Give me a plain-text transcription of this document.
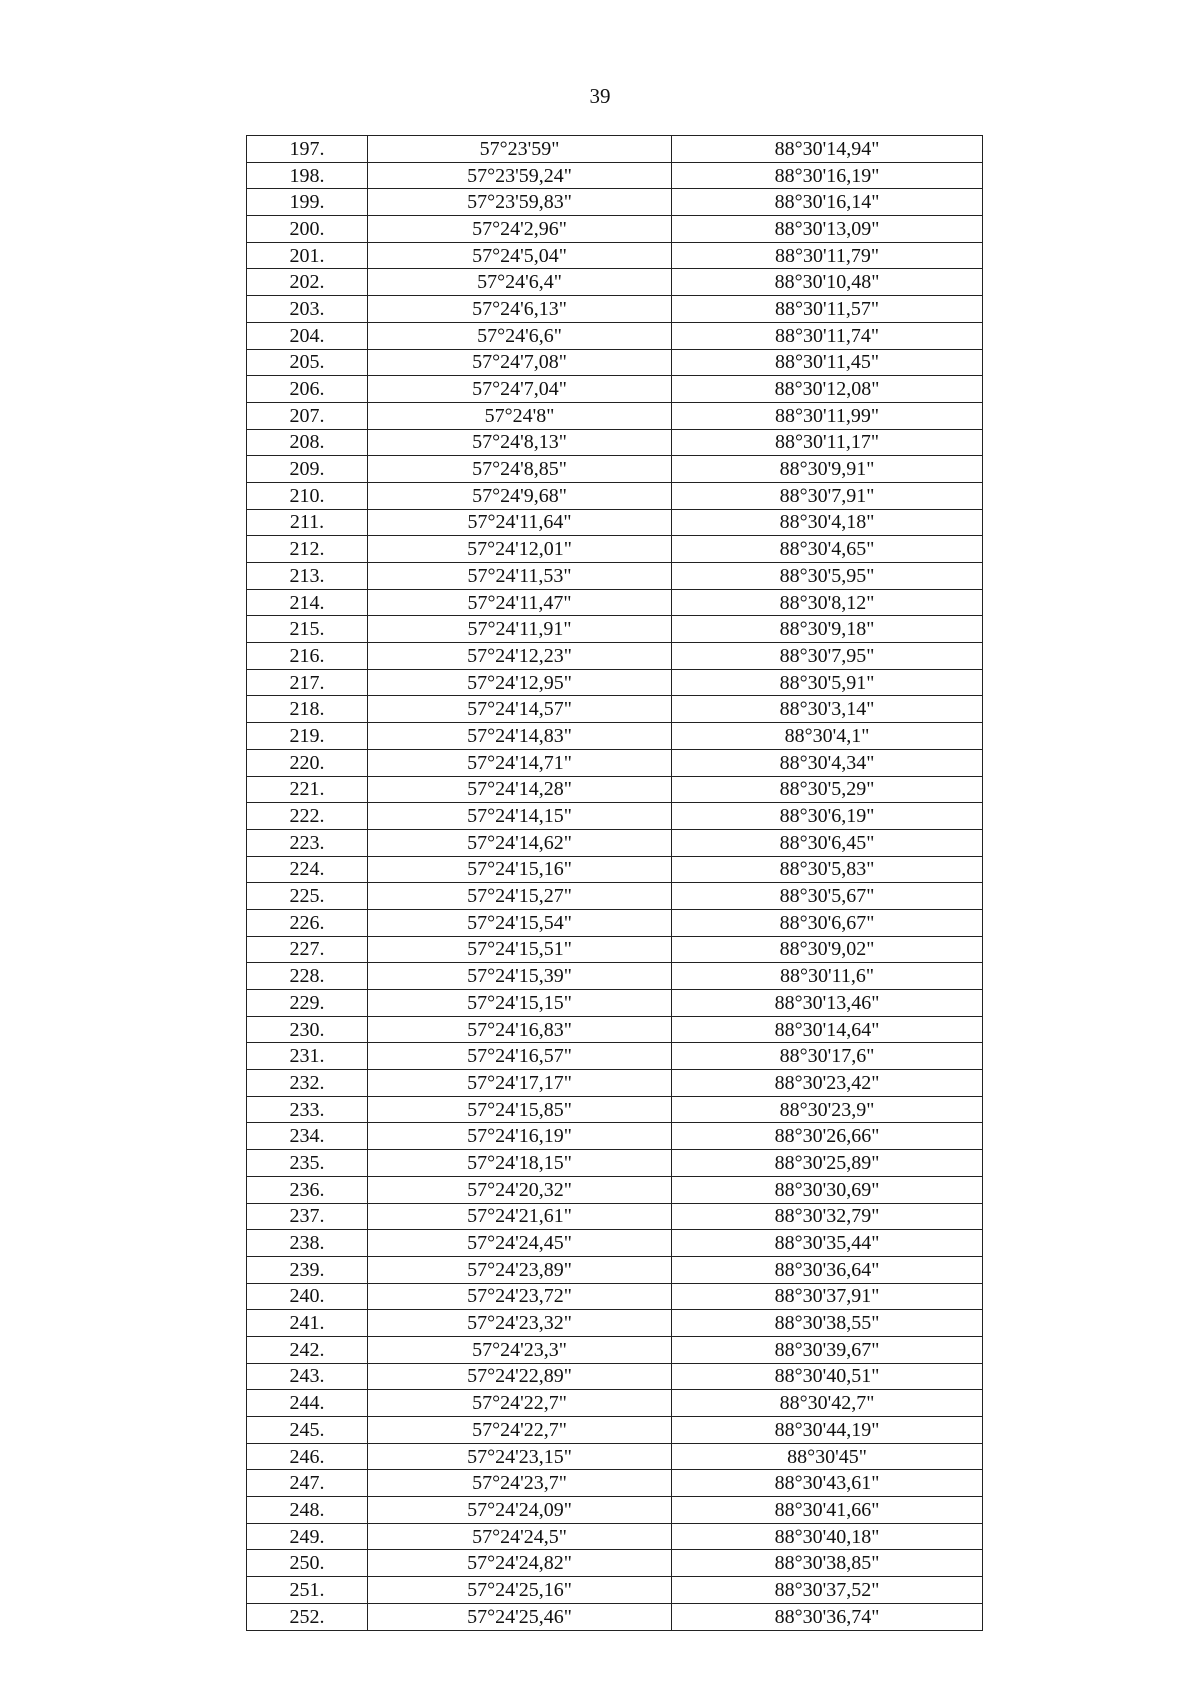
39
197.	57°23'59"	88°30'14,94"
198.	57°23'59,24"	88°30'16,19"
199.	57°23'59,83"	88°30'16,14"
200.	57°24'2,96"	88°30'13,09"
201.	57°24'5,04"	88°30'11,79"
202.	57°24'6,4"	88°30'10,48"
203.	57°24'6,13"	88°30'11,57"
204.	57°24'6,6"	88°30'11,74"
205.	57°24'7,08"	88°30'11,45"
206.	57°24'7,04"	88°30'12,08"
207.	57°24'8"	88°30'11,99"
208.	57°24'8,13"	88°30'11,17"
209.	57°24'8,85"	88°30'9,91"
210.	57°24'9,68"	88°30'7,91"
211.	57°24'11,64"	88°30'4,18"
212.	57°24'12,01"	88°30'4,65"
213.	57°24'11,53"	88°30'5,95"
214.	57°24'11,47"	88°30'8,12"
215.	57°24'11,91"	88°30'9,18"
216.	57°24'12,23"	88°30'7,95"
217.	57°24'12,95"	88°30'5,91"
218.	57°24'14,57"	88°30'3,14"
219.	57°24'14,83"	88°30'4,1"
220.	57°24'14,71"	88°30'4,34"
221.	57°24'14,28"	88°30'5,29"
222.	57°24'14,15"	88°30'6,19"
223.	57°24'14,62"	88°30'6,45"
224.	57°24'15,16"	88°30'5,83"
225.	57°24'15,27"	88°30'5,67"
226.	57°24'15,54"	88°30'6,67"
227.	57°24'15,51"	88°30'9,02"
228.	57°24'15,39"	88°30'11,6"
229.	57°24'15,15"	88°30'13,46"
230.	57°24'16,83"	88°30'14,64"
231.	57°24'16,57"	88°30'17,6"
232.	57°24'17,17"	88°30'23,42"
233.	57°24'15,85"	88°30'23,9"
234.	57°24'16,19"	88°30'26,66"
235.	57°24'18,15"	88°30'25,89"
236.	57°24'20,32"	88°30'30,69"
237.	57°24'21,61"	88°30'32,79"
238.	57°24'24,45"	88°30'35,44"
239.	57°24'23,89"	88°30'36,64"
240.	57°24'23,72"	88°30'37,91"
241.	57°24'23,32"	88°30'38,55"
242.	57°24'23,3"	88°30'39,67"
243.	57°24'22,89"	88°30'40,51"
244.	57°24'22,7"	88°30'42,7"
245.	57°24'22,7"	88°30'44,19"
246.	57°24'23,15"	88°30'45"
247.	57°24'23,7"	88°30'43,61"
248.	57°24'24,09"	88°30'41,66"
249.	57°24'24,5"	88°30'40,18"
250.	57°24'24,82"	88°30'38,85"
251.	57°24'25,16"	88°30'37,52"
252.	57°24'25,46"	88°30'36,74"
